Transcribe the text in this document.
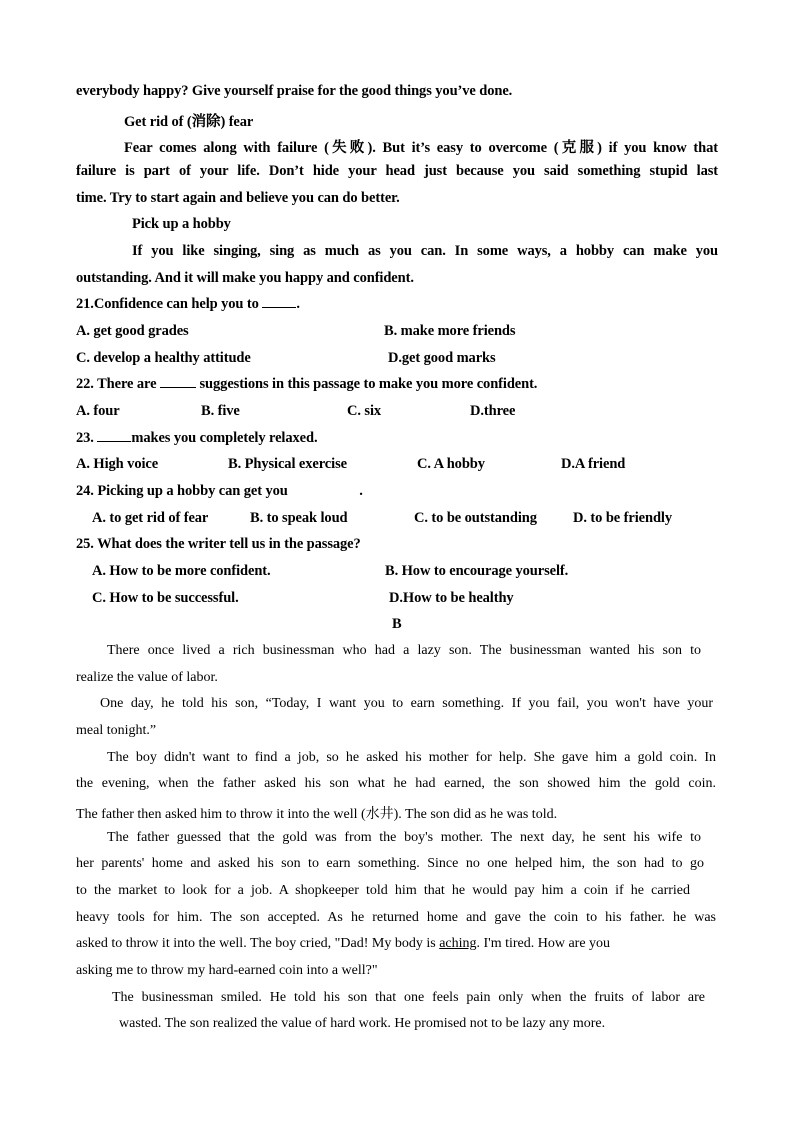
everybody happy? Give yourself praise for the good things you’ve done.
Get rid of (消除) fear
Fear comes along with failure (失败). But it’s easy to overcome (克服) if you know that
failure is part of your life. Don’t hide your head just because you said something stupid last
time. Try to start again and believe you can do better.
Pick up a hobby
If you like singing, sing as much as you can. In some ways, a hobby can make you
outstanding. And it will make you happy and confident.
21.Confidence can help you to .
A. get good grades	B. make more friends
C. develop a healthy attitude	D.get good marks
22. There are  suggestions in this passage to make you more confident.
A. four	B. five	C. six	D.three
23. makes you completely relaxed.
A. High voice	B. Physical exercise	C. A hobby	D.A friend
24. Picking up a hobby can get you	.
A. to get rid of fear	B. to speak loud	C. to be outstanding D. to be friendly
25. What does the writer tell us in the passage?
A. How to be more confident.	B. How to encourage yourself.
C. How to be successful.	D.How to be healthy
B
There once lived a rich businessman who had a lazy son. The businessman wanted his son to
realize the value of labor.
One day, he told his son, “Today, I want you to earn something. If you fail, you won't have your
meal tonight.”
The boy didn't want to find a job, so he asked his mother for help. She gave him a gold coin. In
the evening, when the father asked his son what he had earned, the son showed him the gold coin.
The father then asked him to throw it into the well (水井). The son did as he was told.
The father guessed that the gold was from the boy's mother. The next day, he sent his wife to
her parents' home and asked his son to earn something. Since no one helped him, the son had to go
to the market to look for a job. A shopkeeper told him that he would pay him a coin if he carried
heavy tools for him. The son accepted. As he returned home and gave the coin to his father. he was
asked to throw it into the well. The boy cried, "Dad! My body is aching. I'm tired. How are you
asking me to throw my hard-earned coin into a well?"
The businessman smiled. He told his son that one feels pain only when the fruits of labor are
wasted. The son realized the value of hard work. He promised not to be lazy any more.
